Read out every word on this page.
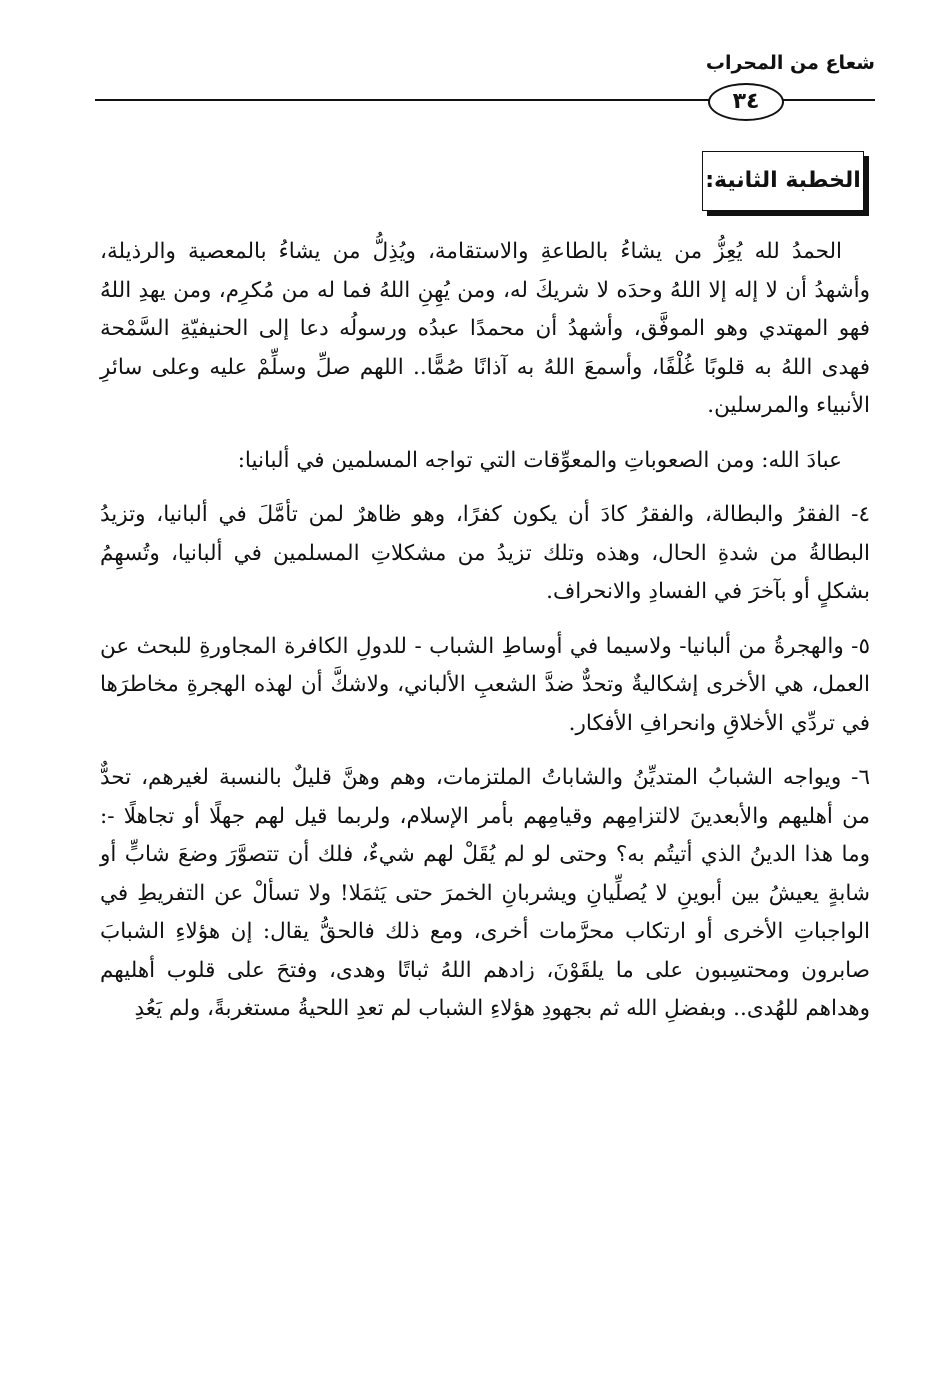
شعاع من المحراب
٣٤
الخطبة الثانية:

الحمدُ لله يُعِزُّ من يشاءُ بالطاعةِ والاستقامة، ويُذِلُّ من يشاءُ بالمعصية والرذيلة، وأشهدُ أن لا إله إلا اللهُ وحدَه لا شريكَ له، ومن يُهِنِ اللهُ فما له من مُكرِم، ومن يهدِ اللهُ فهو المهتدي وهو الموفَّق، وأشهدُ أن محمدًا عبدُه ورسولُه دعا إلى الحنيفيّةِ السَّمْحة فهدى اللهُ به قلوبًا غُلْفًا، وأسمعَ اللهُ به آذانًا صُمًّا.. اللهم صلِّ وسلِّمْ عليه وعلى سائرِ الأنبياء والمرسلين.

عبادَ الله: ومن الصعوباتِ والمعوِّقات التي تواجه المسلمين في ألبانيا:

٤- الفقرُ والبطالة، والفقرُ كادَ أن يكون كفرًا، وهو ظاهرٌ لمن تأمَّلَ في ألبانيا، وتزيدُ البطالةُ من شدةِ الحال، وهذه وتلك تزيدُ من مشكلاتِ المسلمين في ألبانيا، وتُسهِمُ بشكلٍ أو بآخرَ في الفسادِ والانحراف.

٥- والهجرةُ من ألبانيا- ولاسيما في أوساطِ الشباب - للدولِ الكافرة المجاورةِ للبحث عن العمل، هي الأخرى إشكاليةٌ وتحدٌّ ضدَّ الشعبِ الألباني، ولاشكَّ أن لهذه الهجرةِ مخاطرَها في تردِّي الأخلاقِ وانحرافِ الأفكار.

٦- ويواجه الشبابُ المتديِّنُ والشاباتُ الملتزمات، وهم وهنَّ قليلٌ بالنسبة لغيرهم، تحدٌّ من أهليهم والأبعدينَ لالتزامِهم وقيامِهم بأمر الإسلام، ولربما قيل لهم جهلًا أو تجاهلًا -: وما هذا الدينُ الذي أتيتُم به؟ وحتى لو لم يُقَلْ لهم شيءٌ، فلك أن تتصوَّرَ وضعَ شابٍّ أو شابةٍ يعيشُ بين أبوينِ لا يُصلِّيانِ ويشربانِ الخمرَ حتى يَثمَلا! ولا تسألْ عن التفريطِ في الواجباتِ الأخرى أو ارتكاب محرَّمات أخرى، ومع ذلك فالحقُّ يقال: إن هؤلاءِ الشبابَ صابرون ومحتسِبون على ما يلقَوْنَ، زادهم اللهُ ثباتًا وهدى، وفتحَ على قلوب أهليهم وهداهم للهُدى.. وبفضلِ الله ثم بجهودِ هؤلاءِ الشباب لم تعدِ اللحيةُ مستغربةً، ولم يَعُدِ
